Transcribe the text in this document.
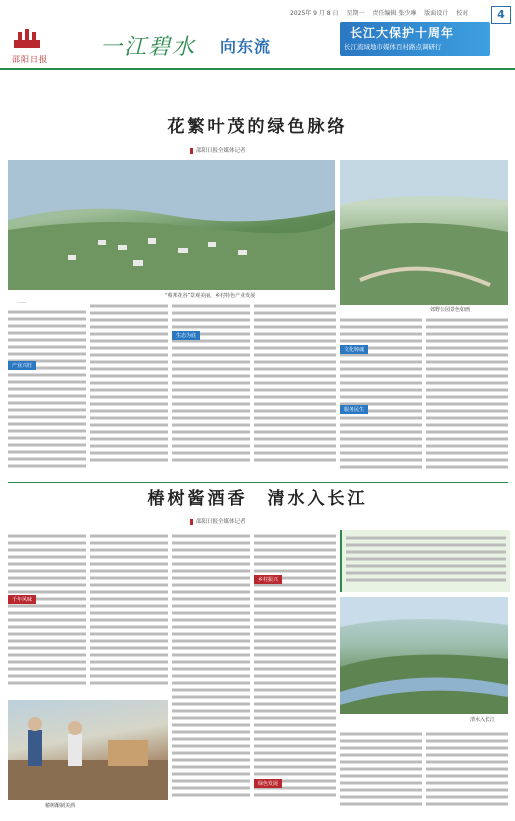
2025年 9 月 8 日 星期一 责任编辑 张少琳 版面设计 校对	4
邵阳日报	一江碧水	向东流
长江大保护十周年
长江流域地市媒体百村路点调研行
花繁叶茂的绿色脉络
邵阳日报全媒体记者
“蔡邦花谷”景观美丽，乡村特色产业发展
郊野公园景色如画
　　……
产业兴旺
生态为底
文化铸魂
服务民生
椿树酱酒香　清水入长江
邵阳日报全媒体记者
千年风味
椿树酿制美酒
乡村振兴
绿色发展
清水入长江
